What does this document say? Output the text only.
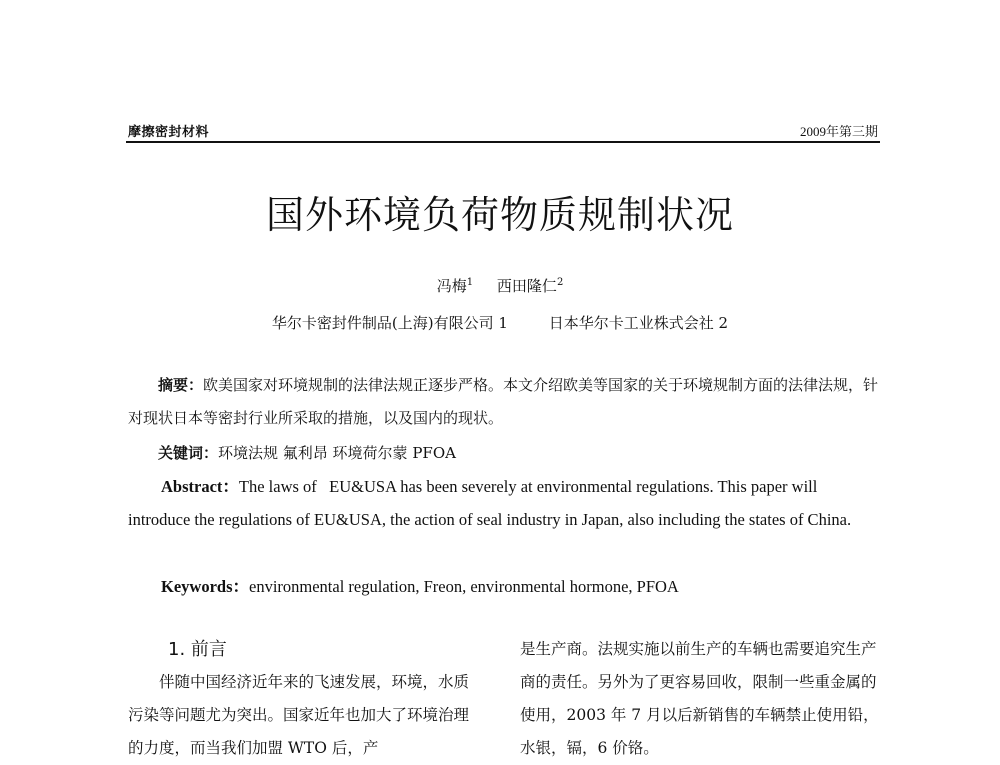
摩擦密封材料	2009年第三期
国外环境负荷物质规制状况
冯梅$^1$ 西田隆仁$^2$
华尔卡密封件制品(上海)有限公司 1	日本华尔卡工业株式会社 2
摘要：欧美国家对环境规制的法律法规正逐步严格。本文介绍欧美等国家的关于环境规制方面的法律法规，针对现状日本等密封行业所采取的措施，以及国内的现状。
关键词：环境法规 氟利昂 环境荷尔蒙 PFOA
Abstract：The laws of   EU&USA has been severely at environmental regulations. This paper will introduce the regulations of EU&USA, the action of seal industry in Japan, also including the states of China.
Keywords：environmental regulation, Freon, environmental hormone, PFOA
1. 前言
伴随中国经济近年来的飞速发展，环境，水质污染等问题尤为突出。国家近年也加大了环境治理的力度，而当我们加盟 WTO 后，产
是生产商。法规实施以前生产的车辆也需要追究生产商的责任。另外为了更容易回收，限制一些重金属的使用，2003 年 7 月以后新销售的车辆禁止使用铅，水银，镉，6 价铬。
